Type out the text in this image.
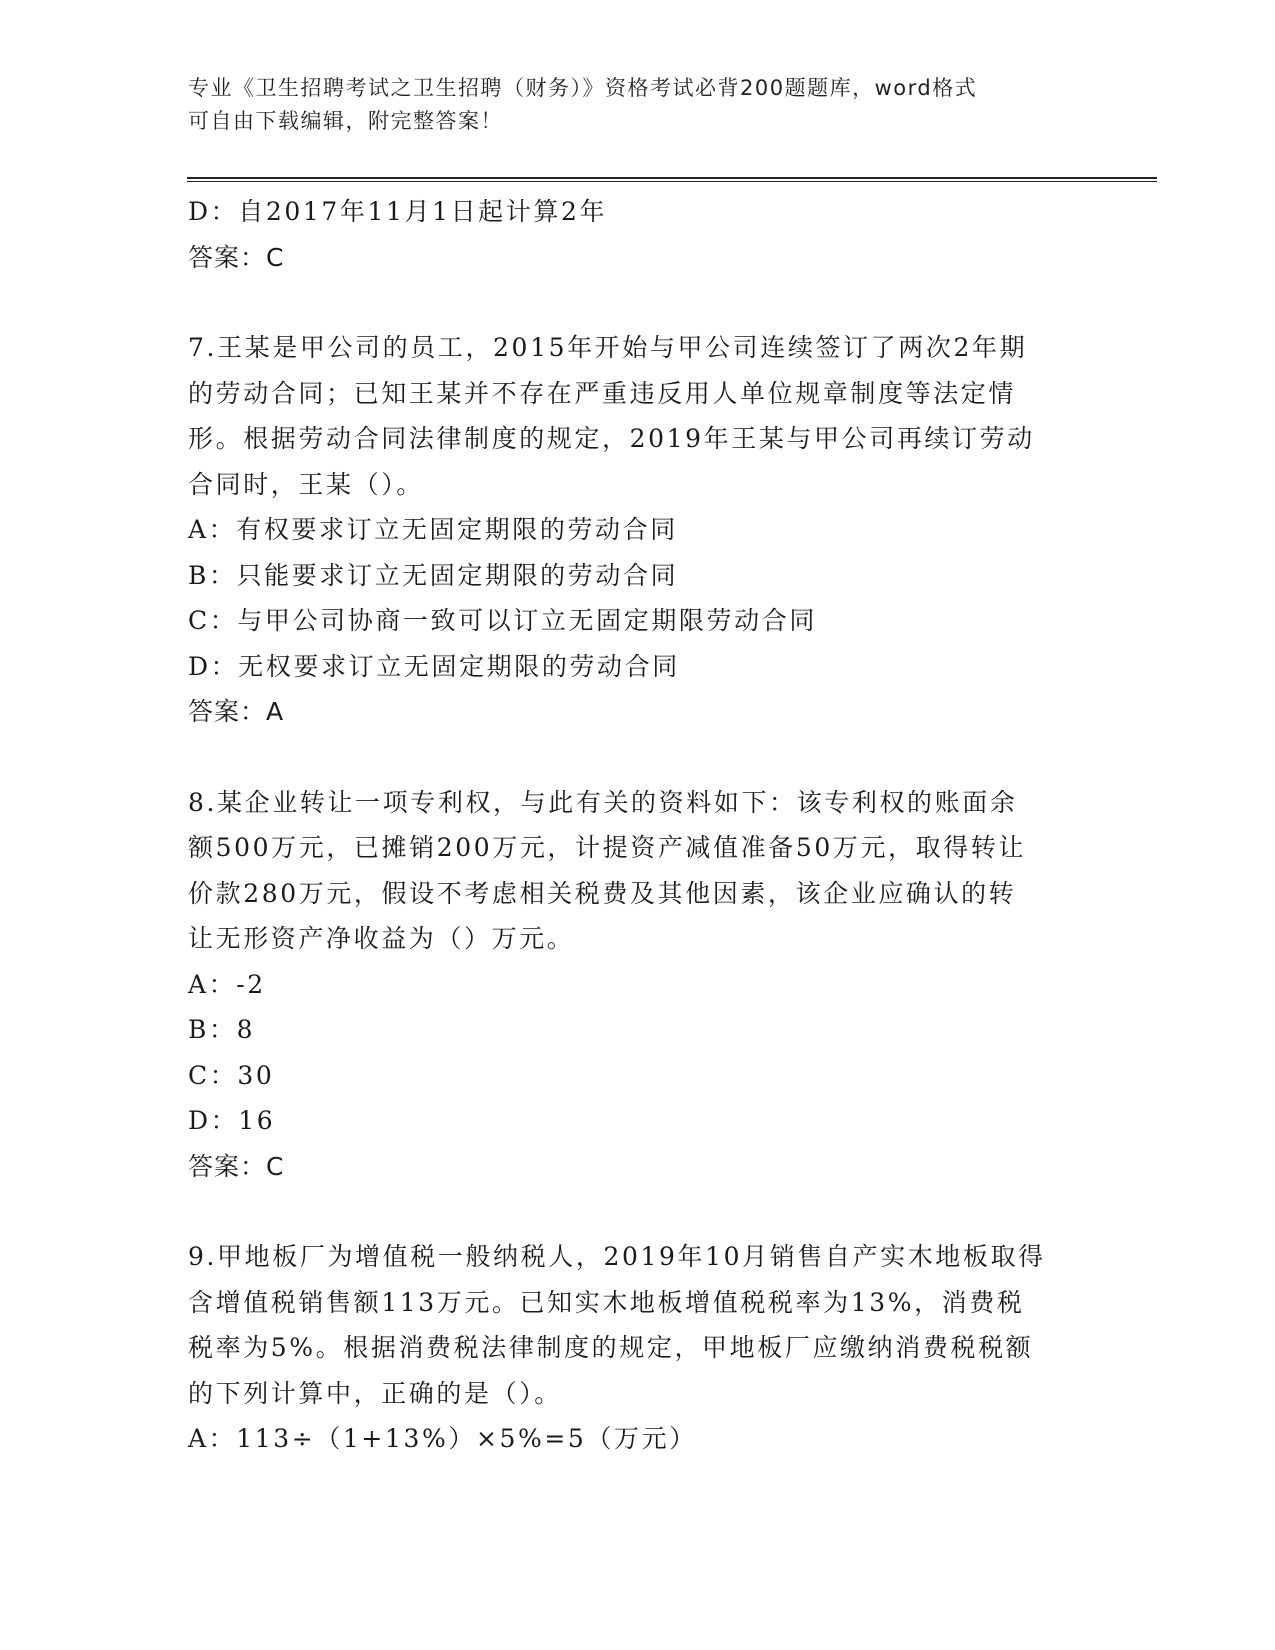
专业《卫生招聘考试之卫生招聘（财务）》资格考试必背200题题库，word格式
可自由下载编辑，附完整答案！

D：自2017年11月1日起计算2年

答案：C

7.王某是甲公司的员工，2015年开始与甲公司连续签订了两次2年期

的劳动合同；已知王某并不存在严重违反用人单位规章制度等法定情

形。根据劳动合同法律制度的规定，2019年王某与甲公司再续订劳动

合同时，王某（）。

A：有权要求订立无固定期限的劳动合同

B：只能要求订立无固定期限的劳动合同

C：与甲公司协商一致可以订立无固定期限劳动合同

D：无权要求订立无固定期限的劳动合同

答案：A

8.某企业转让一项专利权，与此有关的资料如下：该专利权的账面余

额500万元，已摊销200万元，计提资产减值准备50万元，取得转让

价款280万元，假设不考虑相关税费及其他因素，该企业应确认的转

让无形资产净收益为（）万元。

A：-2

B：8

C：30

D：16

答案：C

9.甲地板厂为增值税一般纳税人，2019年10月销售自产实木地板取得

含增值税销售额113万元。已知实木地板增值税税率为13%，消费税

税率为5%。根据消费税法律制度的规定，甲地板厂应缴纳消费税税额

的下列计算中，正确的是（）。

A：113÷（1+13%）×5%=5（万元）
